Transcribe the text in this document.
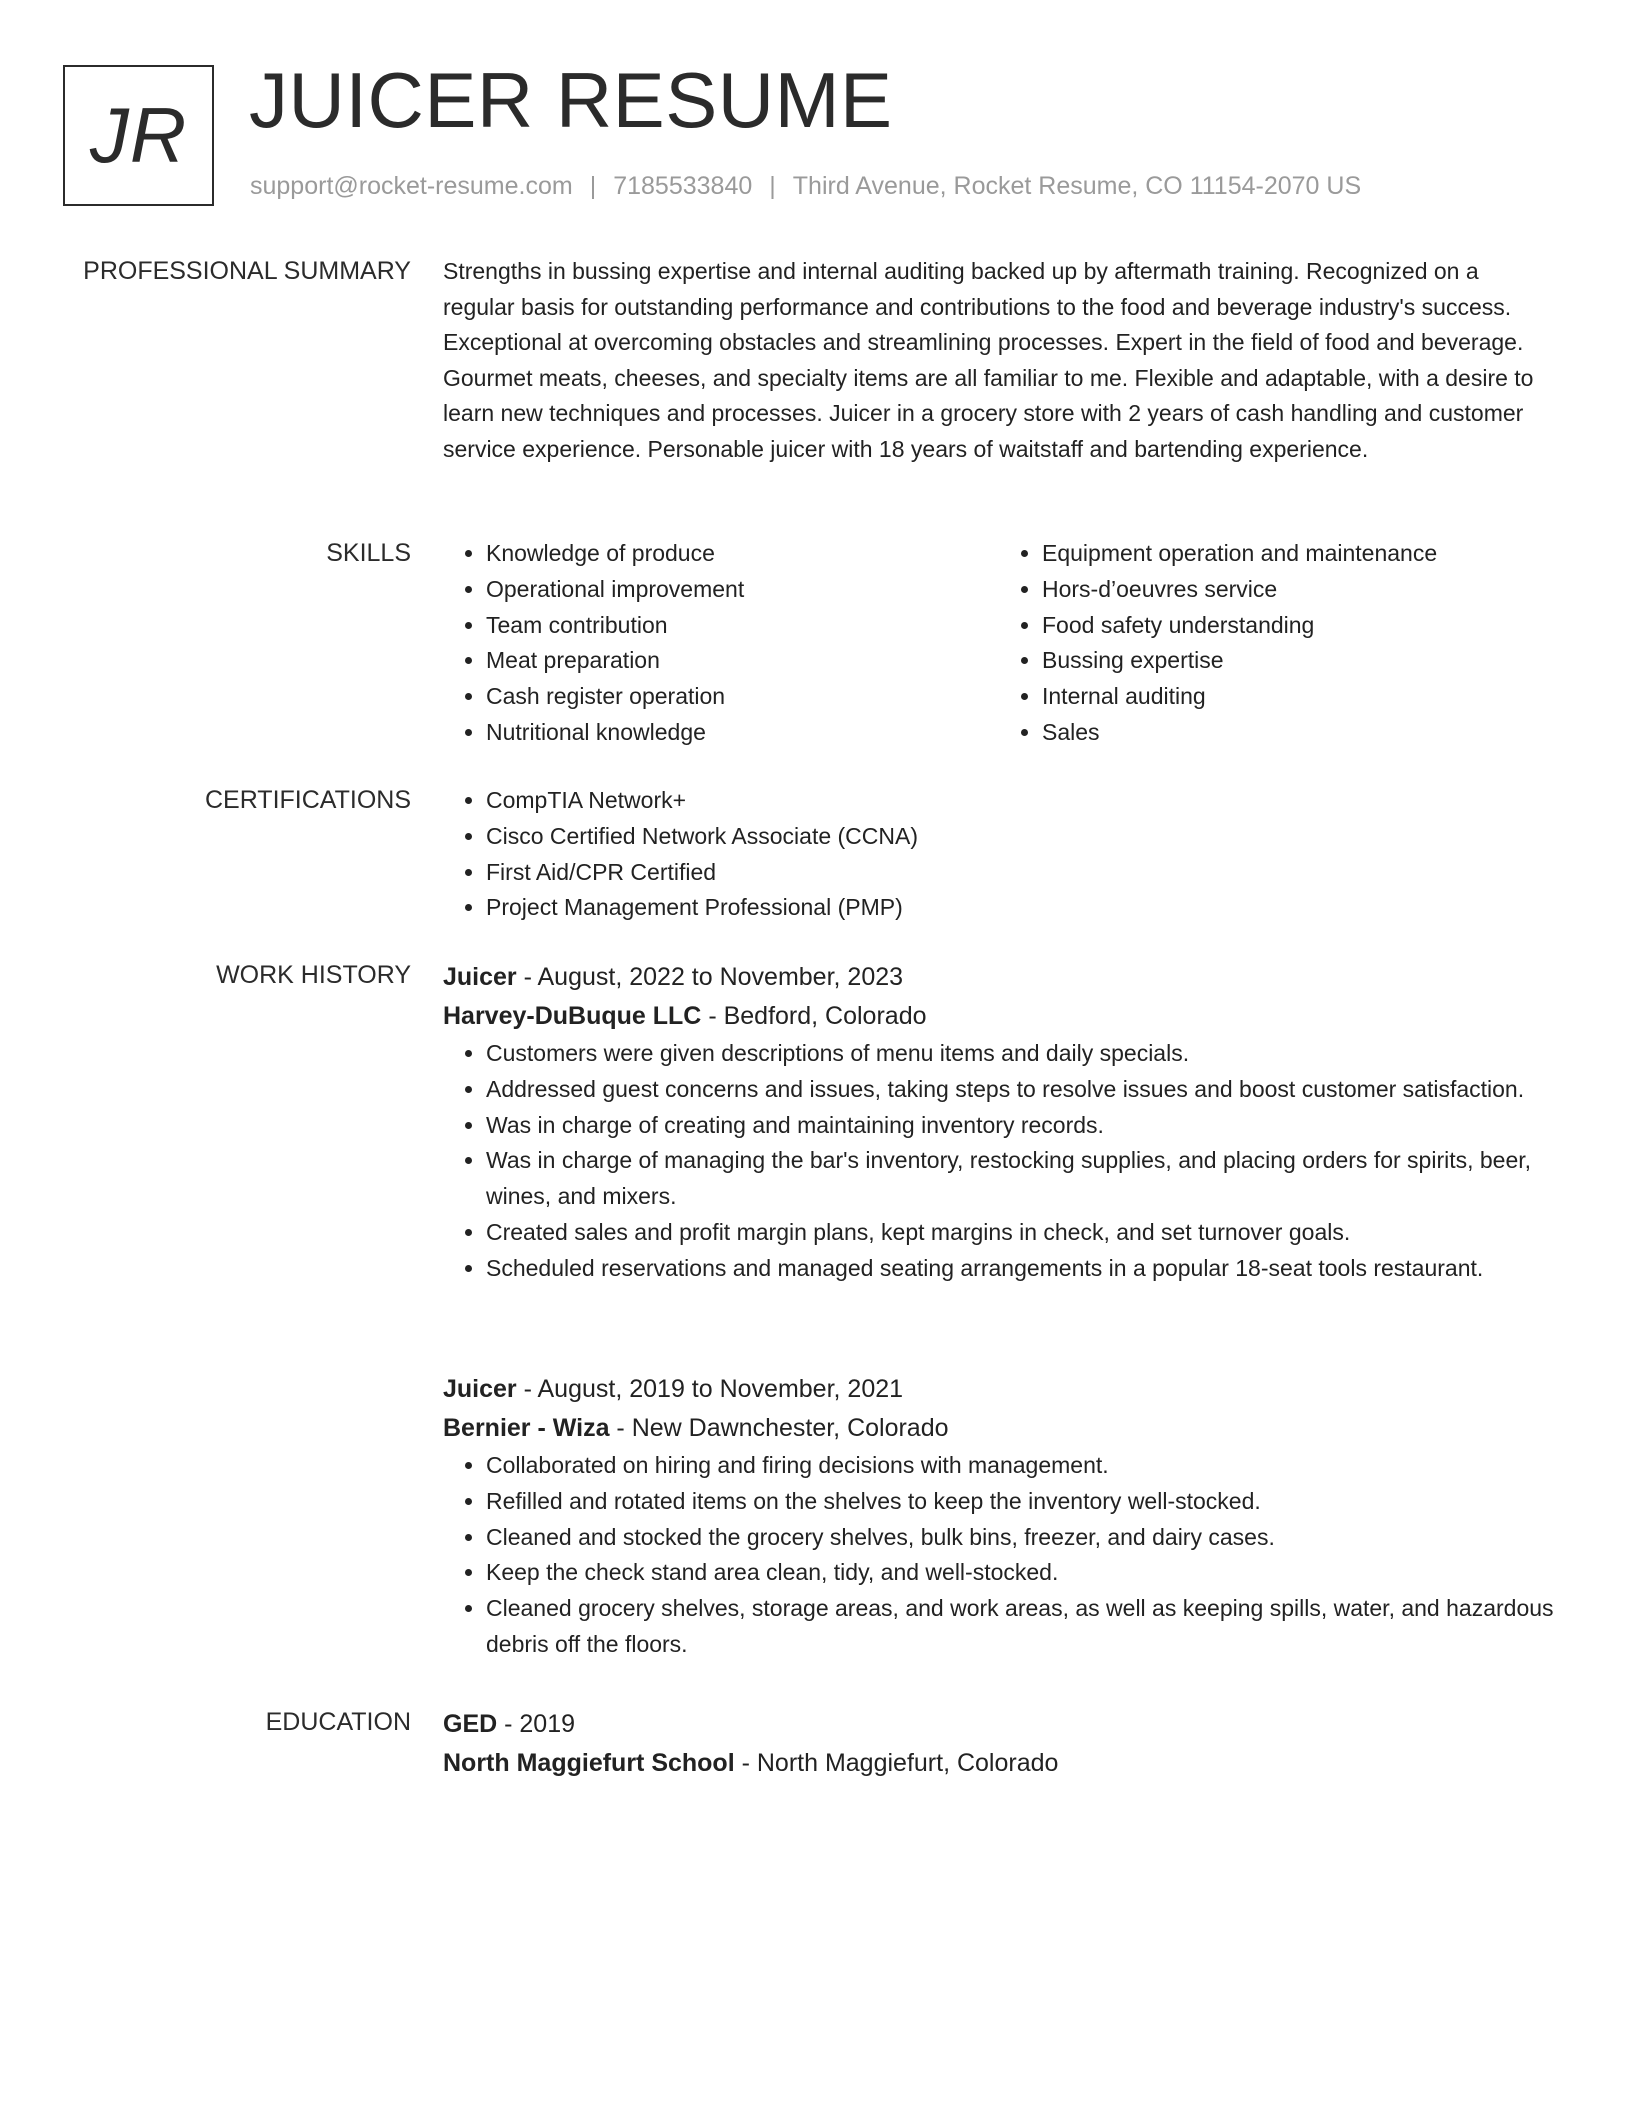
JR JUICER RESUME
support@rocket-resume.com | 7185533840 | Third Avenue, Rocket Resume, CO 11154-2070 US
PROFESSIONAL SUMMARY Strengths in bussing expertise and internal auditing backed up by aftermath training. Recognized on a regular basis for outstanding performance and contributions to the food and beverage industry's success. Exceptional at overcoming obstacles and streamlining processes. Expert in the field of food and beverage. Gourmet meats, cheeses, and specialty items are all familiar to me. Flexible and adaptable, with a desire to learn new techniques and processes. Juicer in a grocery store with 2 years of cash handling and customer service experience. Personable juicer with 18 years of waitstaff and bartending experience.

SKILLS	• Knowledge of produce
• Operational improvement
• Team contribution
• Meat preparation
• Cash register operation
• Nutritional knowledge
• Equipment operation and maintenance
• Hors-d’oeuvres service
• Food safety understanding
• Bussing expertise
• Internal auditing
• Sales
CERTIFICATIONS	• CompTIA Network+
• Cisco Certified Network Associate (CCNA)
• First Aid/CPR Certified
• Project Management Professional (PMP)
WORK HISTORY Juicer - August, 2022 to November, 2023
Harvey-DuBuque LLC - Bedford, Colorado
• Customers were given descriptions of menu items and daily specials.
• Addressed guest concerns and issues, taking steps to resolve issues and boost customer satisfaction.
• Was in charge of creating and maintaining inventory records.
• Was in charge of managing the bar's inventory, restocking supplies, and placing orders for spirits, beer, wines, and mixers.
• Created sales and profit margin plans, kept margins in check, and set turnover goals.
• Scheduled reservations and managed seating arrangements in a popular 18-seat tools restaurant.
Juicer - August, 2019 to November, 2021
Bernier - Wiza - New Dawnchester, Colorado
• Collaborated on hiring and firing decisions with management.
• Refilled and rotated items on the shelves to keep the inventory well-stocked.
• Cleaned and stocked the grocery shelves, bulk bins, freezer, and dairy cases.
• Keep the check stand area clean, tidy, and well-stocked.
• Cleaned grocery shelves, storage areas, and work areas, as well as keeping spills, water, and hazardous debris off the floors.
EDUCATION GED - 2019
North Maggiefurt School - North Maggiefurt, Colorado
